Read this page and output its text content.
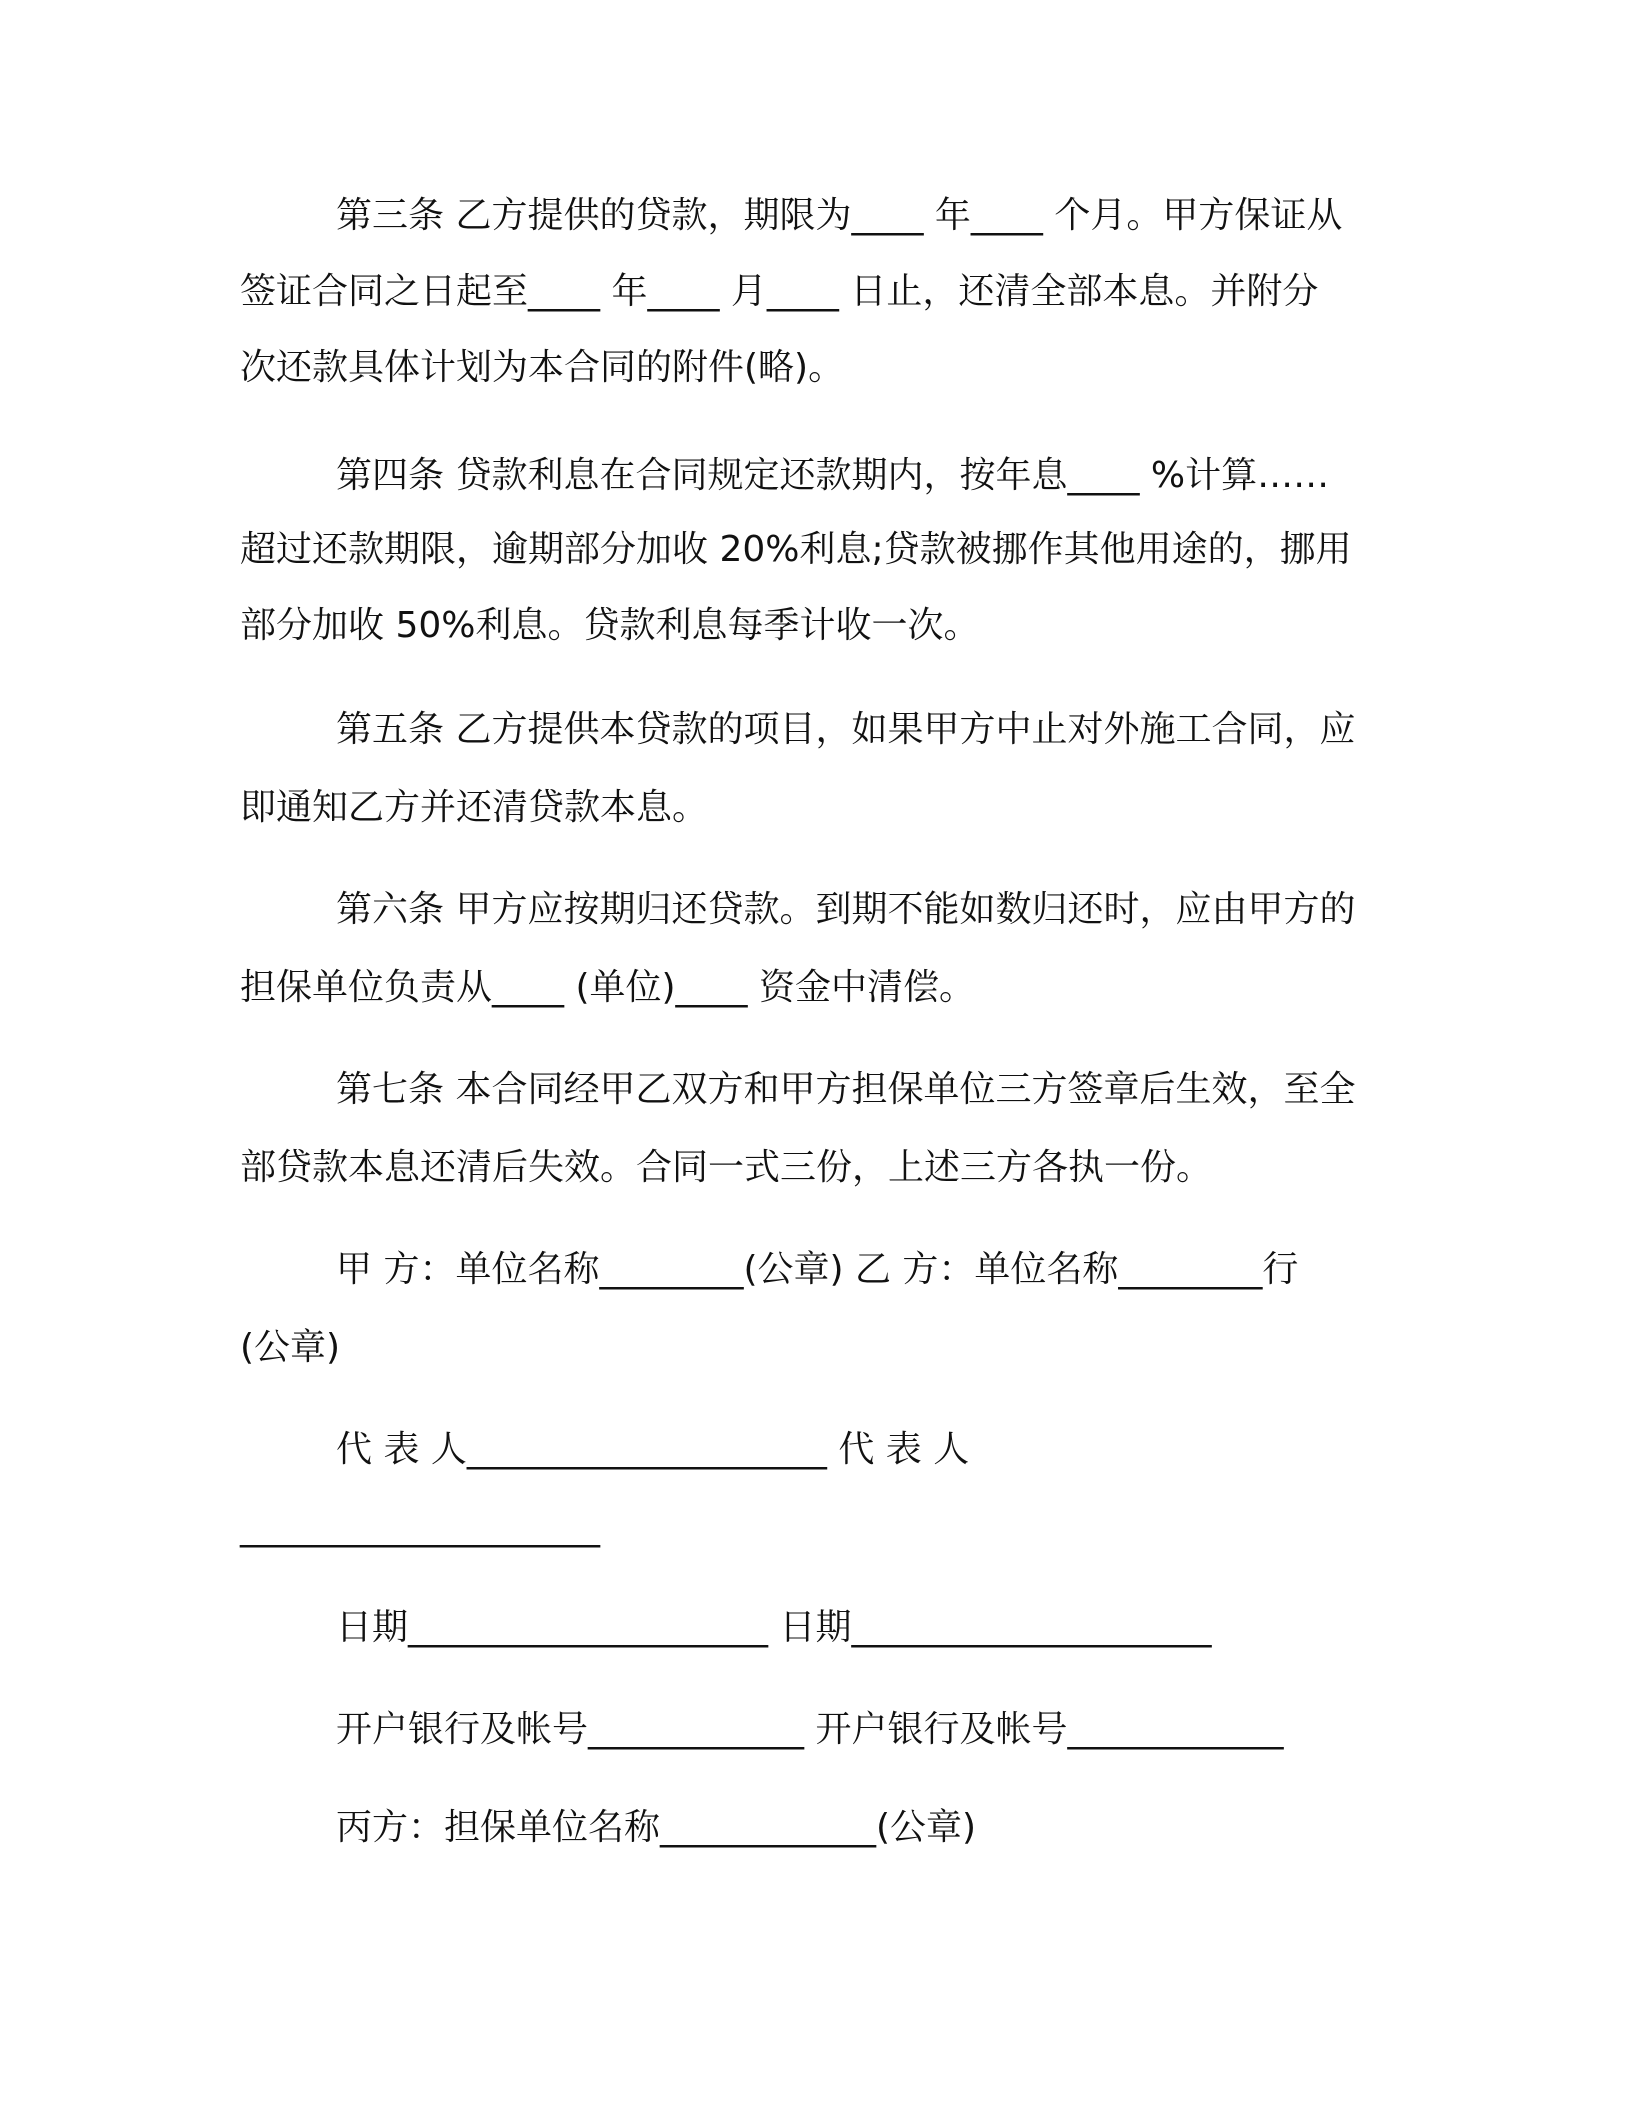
第三条 乙方提供的贷款，期限为____ 年____ 个月。甲方保证从
签证合同之日起至____ 年____ 月____ 日止，还清全部本息。并附分
次还款具体计划为本合同的附件(略)。
第四条 贷款利息在合同规定还款期内，按年息____ %计算……
超过还款期限，逾期部分加收 20%利息;贷款被挪作其他用途的，挪用
部分加收 50%利息。贷款利息每季计收一次。
第五条 乙方提供本贷款的项目，如果甲方中止对外施工合同，应
即通知乙方并还清贷款本息。
第六条 甲方应按期归还贷款。到期不能如数归还时，应由甲方的
担保单位负责从____ (单位)____ 资金中清偿。
第七条 本合同经甲乙双方和甲方担保单位三方签章后生效，至全
部贷款本息还清后失效。合同一式三份，上述三方各执一份。
甲 方：单位名称________(公章) 乙 方：单位名称________行
(公章)
代 表 人____________________ 代 表 人
____________________
日期____________________ 日期____________________
开户银行及帐号____________ 开户银行及帐号____________
丙方：担保单位名称____________(公章)
